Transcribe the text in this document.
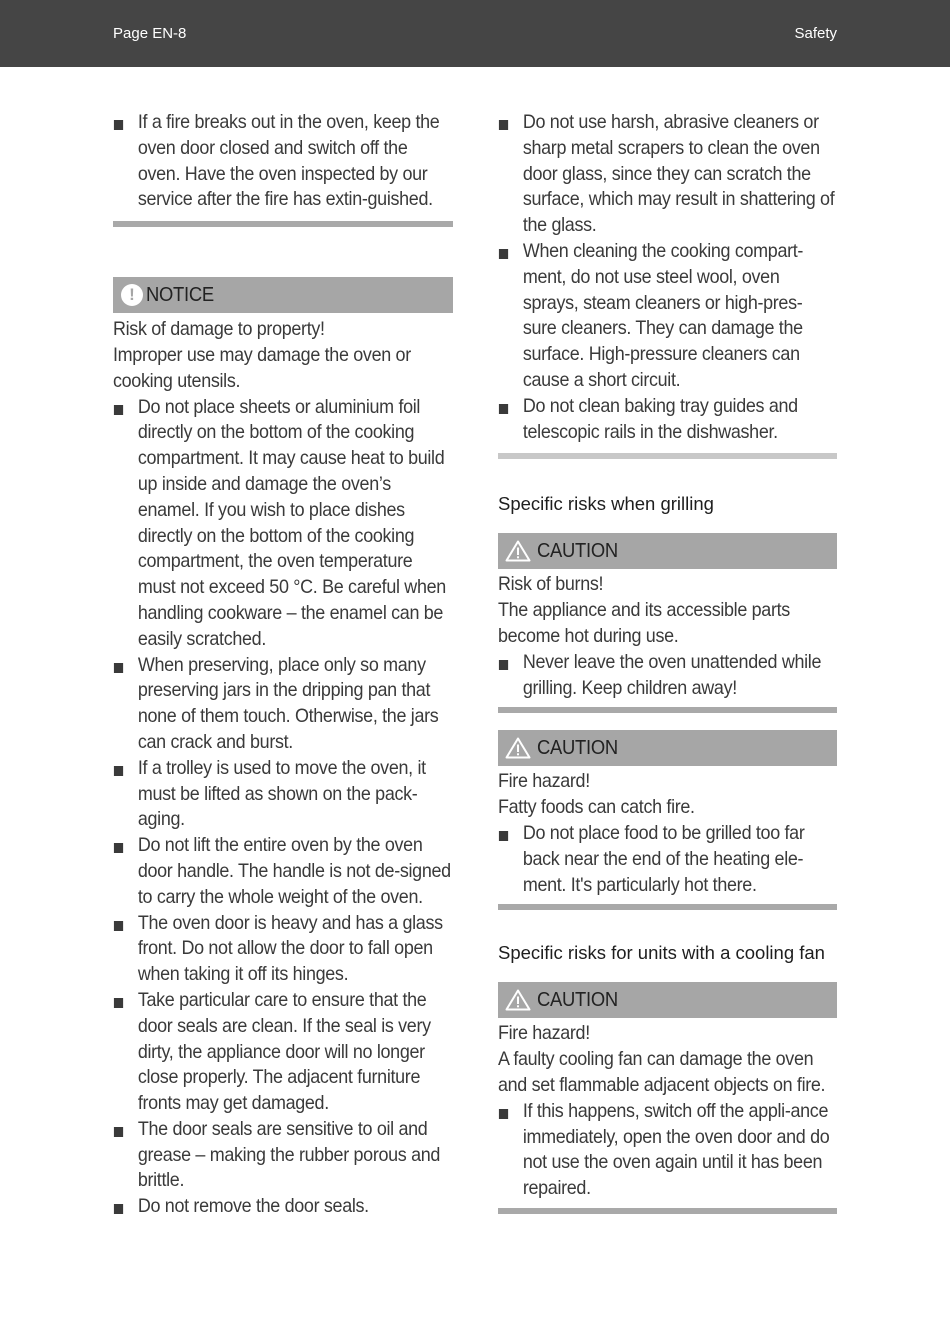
Page EN-8	Safety
If a fire breaks out in the oven, keep the oven door closed and switch off the oven. Have the oven inspected by our service after the fire has extin-guished.
! NOTICE

Risk of damage to property!

Improper use may damage the oven or cooking utensils.

Do not place sheets or aluminium foil directly on the bottom of the cooking compartment. It may cause heat to build up inside and damage the oven’s enamel. If you wish to place dishes directly on the bottom of the cooking compartment, the oven temperature must not exceed 50 °C. Be careful when handling cookware – the enamel can be easily scratched.
When preserving, place only so many preserving jars in the dripping pan that none of them touch. Otherwise, the jars can crack and burst.
If a trolley is used to move the oven, it must be lifted as shown on the pack-aging.
Do not lift the entire oven by the oven door handle. The handle is not de-signed to carry the whole weight of the oven.
The oven door is heavy and has a glass front. Do not allow the door to fall open when taking it off its hinges.
Take particular care to ensure that the door seals are clean. If the seal is very dirty, the appliance door will no longer close properly. The adjacent furniture fronts may get damaged.
The door seals are sensitive to oil and grease – making the rubber porous and brittle.
Do not remove the door seals.
Do not use harsh, abrasive cleaners or sharp metal scrapers to clean the oven door glass, since they can scratch the surface, which may result in shattering of the glass.
When cleaning the cooking compart-ment, do not use steel wool, oven sprays, steam cleaners or high-pres-sure cleaners. They can damage the surface. High-pressure cleaners can cause a short circuit.
Do not clean baking tray guides and telescopic rails in the dishwasher.
Specific risks when grilling
CAUTION

Risk of burns!

The appliance and its accessible parts become hot during use.

Never leave the oven unattended while grilling. Keep children away!
CAUTION

Fire hazard!

Fatty foods can catch fire.

Do not place food to be grilled too far back near the end of the heating ele-ment. It's particularly hot there.
Specific risks for units with a cooling fan
CAUTION

Fire hazard!

A faulty cooling fan can damage the oven and set flammable adjacent objects on fire.

If this happens, switch off the appli-ance immediately, open the oven door and do not use the oven again until it has been repaired.
